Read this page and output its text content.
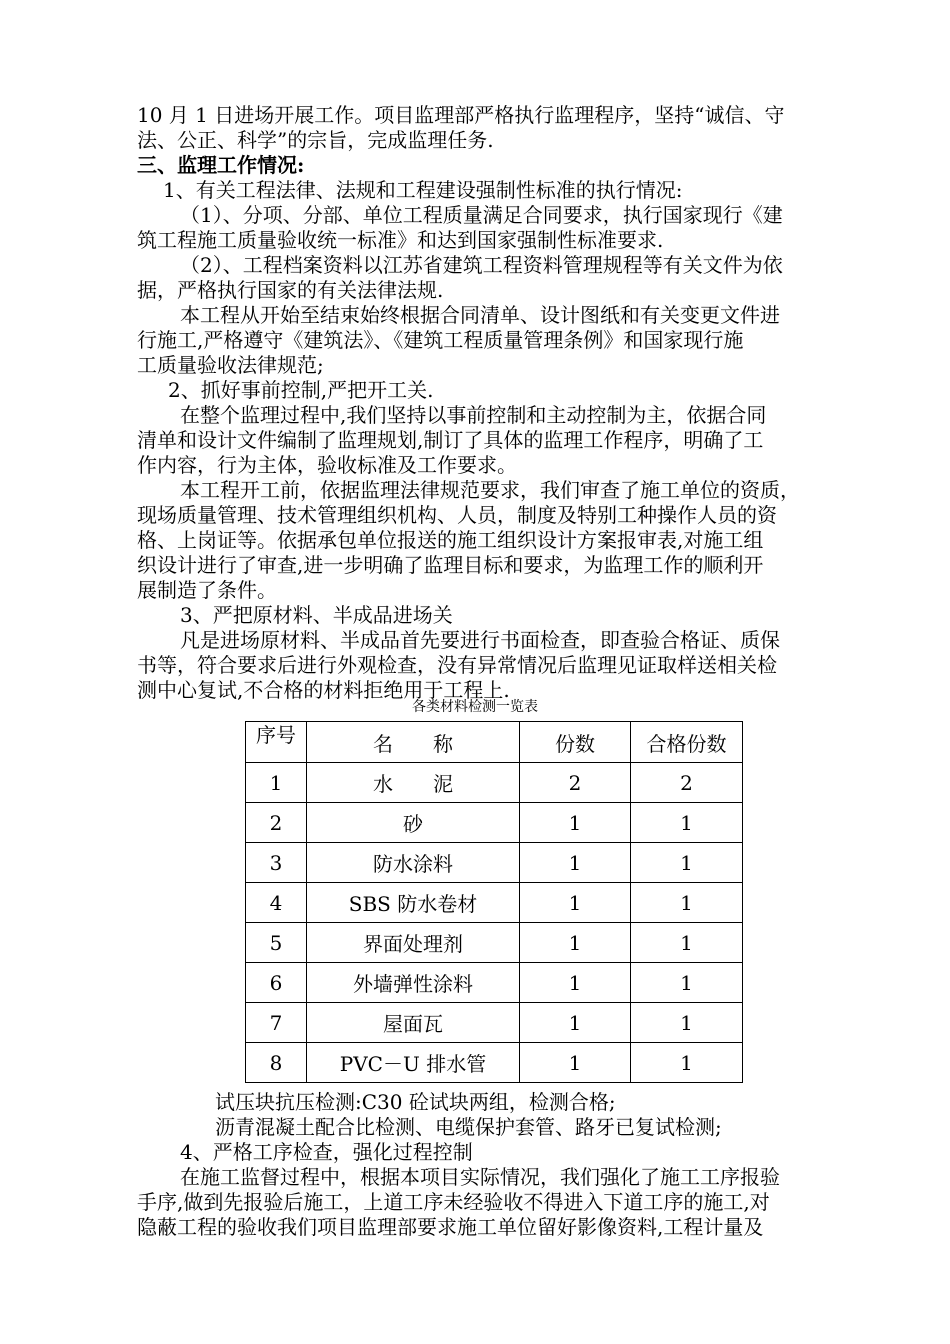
10 月 1 日进场开展工作。项目监理部严格执行监理程序，坚持“诚信、守
法、公正、科学”的宗旨，完成监理任务.
三、监理工作情况:
1、有关工程法律、法规和工程建设强制性标准的执行情况:
（1）、分项、分部、单位工程质量满足合同要求，执行国家现行《建
筑工程施工质量验收统一标准》和达到国家强制性标准要求.
（2）、工程档案资料以江苏省建筑工程资料管理规程等有关文件为依
据，严格执行国家的有关法律法规.
本工程从开始至结束始终根据合同清单、设计图纸和有关变更文件进
行施工,严格遵守《建筑法》、《建筑工程质量管理条例》和国家现行施
工质量验收法律规范;
2、抓好事前控制,严把开工关.
在整个监理过程中,我们坚持以事前控制和主动控制为主，依据合同
清单和设计文件编制了监理规划,制订了具体的监理工作程序，明确了工
作内容，行为主体，验收标准及工作要求。
本工程开工前，依据监理法律规范要求，我们审查了施工单位的资质，
现场质量管理、技术管理组织机构、人员，制度及特别工种操作人员的资
格、上岗证等。依据承包单位报送的施工组织设计方案报审表,对施工组
织设计进行了审查,进一步明确了监理目标和要求，为监理工作的顺利开
展制造了条件。
3、严把原材料、半成品进场关
凡是进场原材料、半成品首先要进行书面检查，即查验合格证、质保
书等，符合要求后进行外观检查，没有异常情况后监理见证取样送相关检
测中心复试,不合格的材料拒绝用于工程上.
各类材料检测一览表
序号	名　　称	份数	合格份数
1	水　　泥	2	2
2	砂	1	1
3	防水涂料	1	1
4	SBS 防水卷材	1	1
5	界面处理剂	1	1
6	外墙弹性涂料	1	1
7	屋面瓦	1	1
8	PVC－U 排水管	1	1
试压块抗压检测:C30 砼试块两组，检测合格;
沥青混凝土配合比检测、电缆保护套管、路牙已复试检测;
4、严格工序检查，强化过程控制
在施工监督过程中，根据本项目实际情况，我们强化了施工工序报验
手序,做到先报验后施工，上道工序未经验收不得进入下道工序的施工,对
隐蔽工程的验收我们项目监理部要求施工单位留好影像资料,工程计量及
